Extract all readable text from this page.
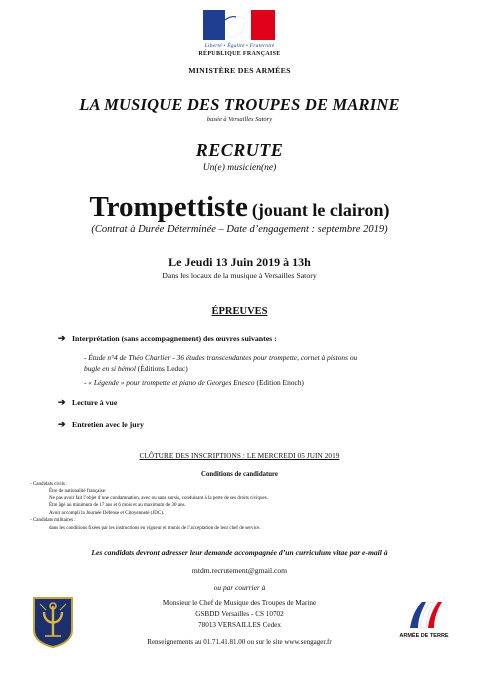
Liberté • Égalité • Fraternité
RÉPUBLIQUE FRANÇAISE
MINISTÈRE DES ARMÉES
LA MUSIQUE DES TROUPES DE MARINE
basée à Versailles Satory
RECRUTE
Un(e) musicien(ne)
Trompettiste (jouant le clairon)
(Contrat à Durée Déterminée – Date d’engagement : septembre 2019)
Le Jeudi 13 Juin 2019 à 13h
Dans les locaux de la musique à Versailles Satory
ÉPREUVES
➔ Interprétation (sans accompagnement) des œuvres suivantes :
- Étude n°4 de Théo Charlier - 36 études transcendantes pour trompette, cornet à pistons ou
bugle en si bémol (Éditions Leduc)
- « Légende » pour trompette et piano de Georges Enesco (Edition Enoch)
➔ Lecture à vue
➔ Entretien avec le jury
CLÔTURE DES INSCRIPTIONS : LE MERCREDI 05 JUIN 2019
Conditions de candidature
- Candidats civils :
Être de nationalité française.
Ne pas avoir fait l’objet d’une condamnation, avec ou sans sursis, conduisant à la perte de ses droits civiques.
Être âgé au minimum de 17 ans et 6 mois et au maximum de 30 ans.
Avoir accompli la Journée Défense et Citoyenneté (JDC).
- Candidats militaires :
dans les conditions fixées par les instructions en vigueur et munis de l’acceptation de leur chef de service.
Les candidats devront adresser leur demande accompagnée d’un curriculum vitae par e-mail à
mtdm.recrutement@gmail.com
ou par courrier à
Monsieur le Chef de Musique des Troupes de Marine
GSBDD Versailles - CS 10702
78013 VERSAILLES Cedex
Renseignements au 01.71.41.81.00 ou sur le site www.sengager.fr
ARMÉE DE TERRE
